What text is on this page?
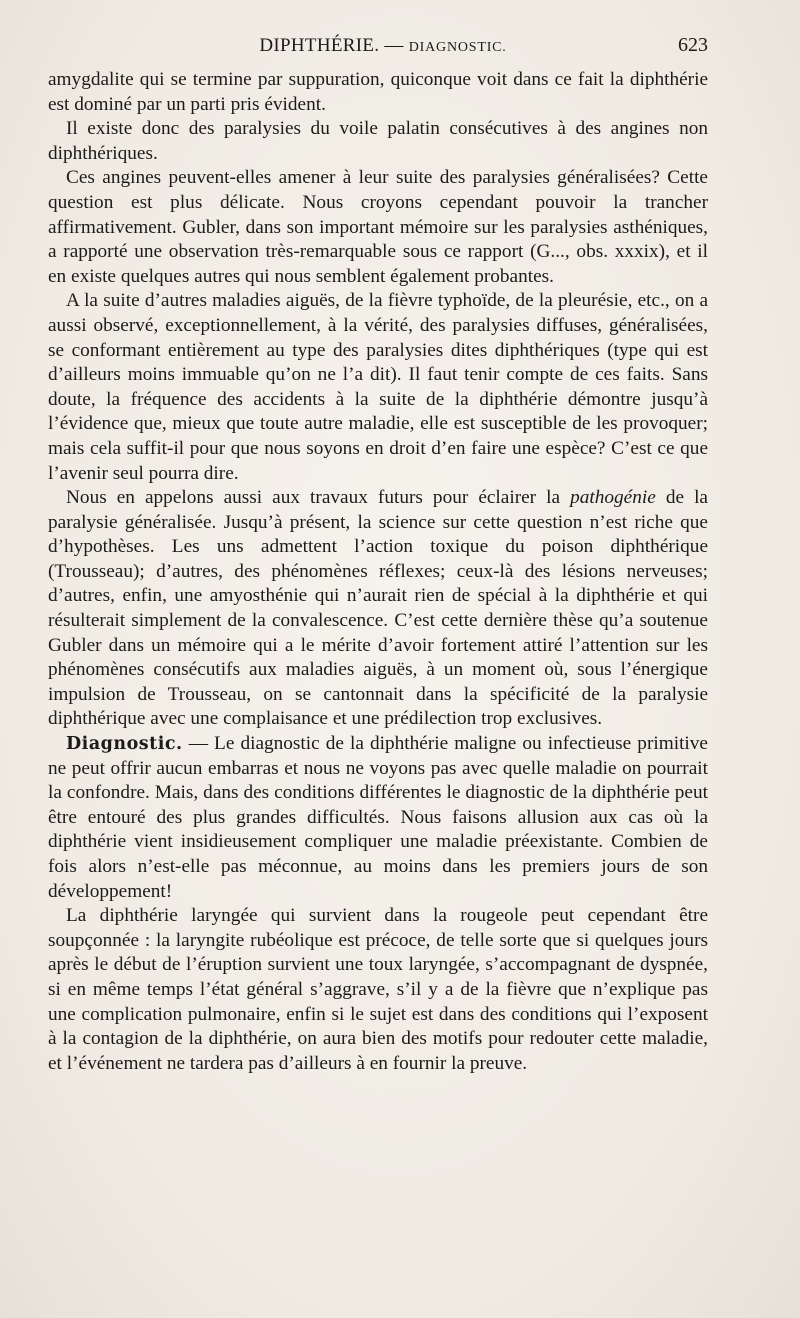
DIPHTHÉRIE. — DIAGNOSTIC.	623

amygdalite qui se termine par suppuration, quiconque voit dans ce fait la diphthérie est dominé par un parti pris évident.

Il existe donc des paralysies du voile palatin consécutives à des angines non diphthériques.

Ces angines peuvent-elles amener à leur suite des paralysies généralisées? Cette question est plus délicate. Nous croyons cependant pouvoir la trancher affirmativement. Gubler, dans son important mémoire sur les paralysies asthéniques, a rapporté une observation très-remarquable sous ce rapport (G..., obs. xxxix), et il en existe quelques autres qui nous semblent également probantes.

A la suite d’autres maladies aiguës, de la fièvre typhoïde, de la pleurésie, etc., on a aussi observé, exceptionnellement, à la vérité, des paralysies diffuses, généralisées, se conformant entièrement au type des paralysies dites diphthériques (type qui est d’ailleurs moins immuable qu’on ne l’a dit). Il faut tenir compte de ces faits. Sans doute, la fréquence des accidents à la suite de la diphthérie démontre jusqu’à l’évidence que, mieux que toute autre maladie, elle est susceptible de les provoquer; mais cela suffit-il pour que nous soyons en droit d’en faire une espèce? C’est ce que l’avenir seul pourra dire.

Nous en appelons aussi aux travaux futurs pour éclairer la pathogénie de la paralysie généralisée. Jusqu’à présent, la science sur cette question n’est riche que d’hypothèses. Les uns admettent l’action toxique du poison diphthérique (Trousseau); d’autres, des phénomènes réflexes; ceux-là des lésions nerveuses; d’autres, enfin, une amyosthénie qui n’aurait rien de spécial à la diphthérie et qui résulterait simplement de la convalescence. C’est cette dernière thèse qu’a soutenue Gubler dans un mémoire qui a le mérite d’avoir fortement attiré l’attention sur les phénomènes consécutifs aux maladies aiguës, à un moment où, sous l’énergique impulsion de Trousseau, on se cantonnait dans la spécificité de la paralysie diphthérique avec une complaisance et une prédilection trop exclusives.

Diagnostic. — Le diagnostic de la diphthérie maligne ou infectieuse primitive ne peut offrir aucun embarras et nous ne voyons pas avec quelle maladie on pourrait la confondre. Mais, dans des conditions différentes le diagnostic de la diphthérie peut être entouré des plus grandes difficultés. Nous faisons allusion aux cas où la diphthérie vient insidieusement compliquer une maladie préexistante. Combien de fois alors n’est-elle pas méconnue, au moins dans les premiers jours de son développement!

La diphthérie laryngée qui survient dans la rougeole peut cependant être soupçonnée : la laryngite rubéolique est précoce, de telle sorte que si quelques jours après le début de l’éruption survient une toux laryngée, s’accompagnant de dyspnée, si en même temps l’état général s’aggrave, s’il y a de la fièvre que n’explique pas une complication pulmonaire, enfin si le sujet est dans des conditions qui l’exposent à la contagion de la diphthérie, on aura bien des motifs pour redouter cette maladie, et l’événement ne tardera pas d’ailleurs à en fournir la preuve.
